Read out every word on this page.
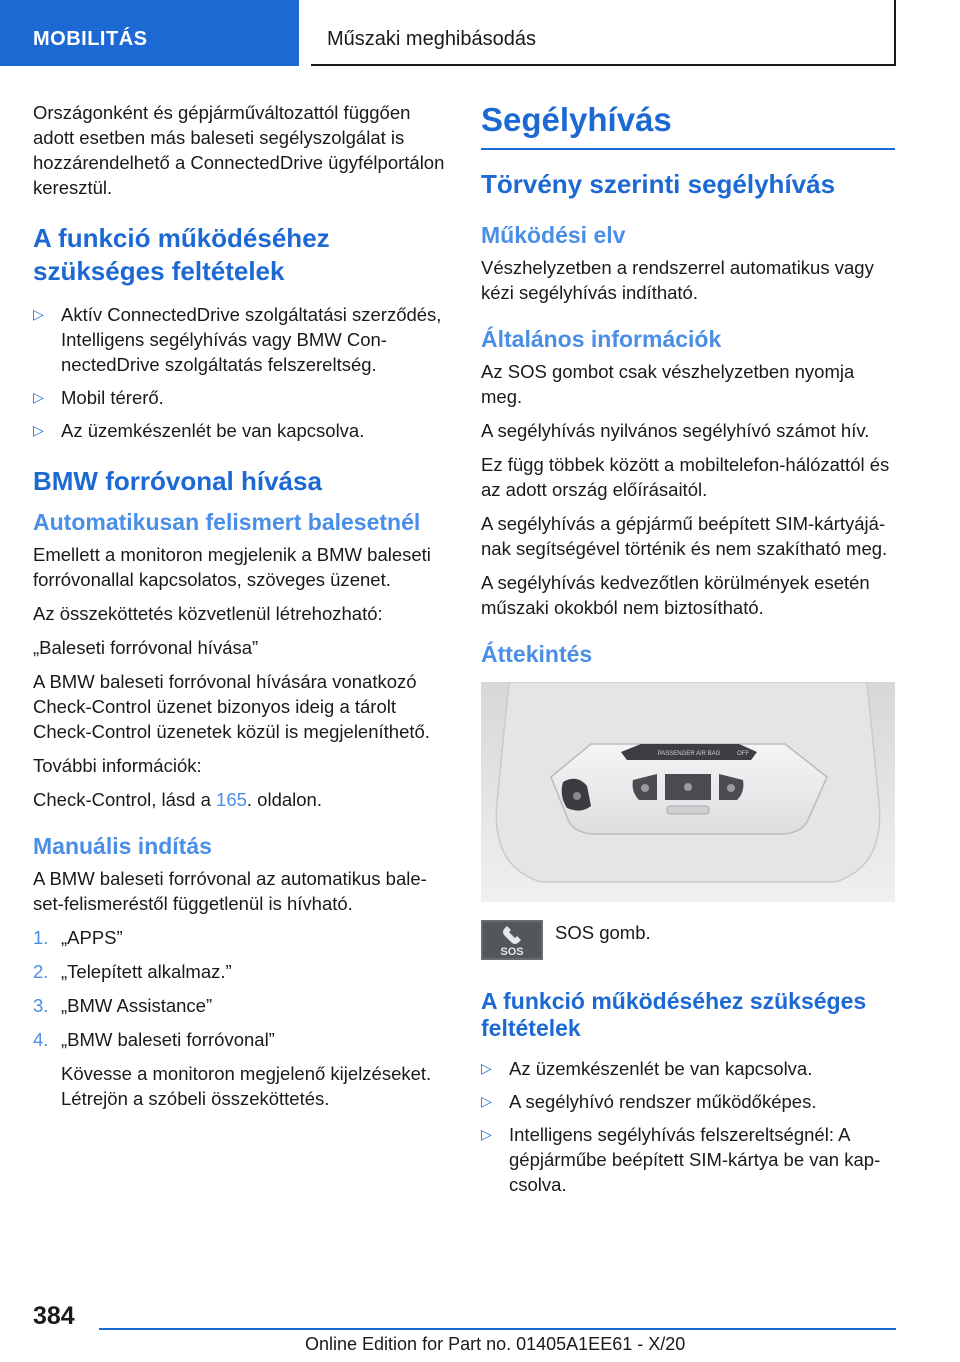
MOBILITÁS	Műszaki meghibásodás

Országonként és gépjárműváltozattól függően adott esetben más baleseti segélyszolgálat is hozzárendelhető a ConnectedDrive ügyfélportálon keresztül.

A funkció működéséhez szükséges feltételek
▷ Aktív ConnectedDrive szolgáltatási szerződés, Intelligens segélyhívás vagy BMW ConnectedDrive szolgáltatás felszereltség.
▷ Mobil térerő.
▷ Az üzemkészenlét be van kapcsolva.
BMW forróvonal hívása
Automatikusan felismert balesetnél

Emellett a monitoron megjelenik a BMW baleseti forróvonallal kapcsolatos, szöveges üzenet.

Az összeköttetés közvetlenül létrehozható:

„Baleseti forróvonal hívása”

A BMW baleseti forróvonal hívására vonatkozó Check-Control üzenet bizonyos ideig a tárolt Check-Control üzenetek közül is megjeleníthető.

További információk:

Check-Control, lásd a 165. oldalon.

Manuális indítás

A BMW baleseti forróvonal az automatikus baleset-felismeréstől függetlenül is hívható.

1. „APPS”
2. „Telepített alkalmaz.”
3. „BMW Assistance”
4. „BMW baleseti forróvonal”
Kövesse a monitoron megjelenő kijelzéseket. Létrejön a szóbeli összeköttetés.
Segélyhívás
Törvény szerinti segélyhívás
Működési elv

Vészhelyzetben a rendszerrel automatikus vagy kézi segélyhívás indítható.

Általános információk

Az SOS gombot csak vészhelyzetben nyomja meg.

A segélyhívás nyilvános segélyhívó számot hív.

Ez függ többek között a mobiltelefon-hálózattól és az adott ország előírásaitól.

A segélyhívás a gépjármű beépített SIM-kártyájának segítségével történik és nem szakítható meg.

A segélyhívás kedvezőtlen körülmények esetén műszaki okokból nem biztosítható.

Áttekintés
PASSENGER AIR BAG	OFF
SOS
SOS gomb.
A funkció működéséhez szükséges feltételek
▷ Az üzemkészenlét be van kapcsolva.
▷ A segélyhívó rendszer működőképes.
▷ Intelligens segélyhívás felszereltségnél: A gépjárműbe beépített SIM-kártya be van kapcsolva.
384
Online Edition for Part no. 01405A1EE61 - X/20
